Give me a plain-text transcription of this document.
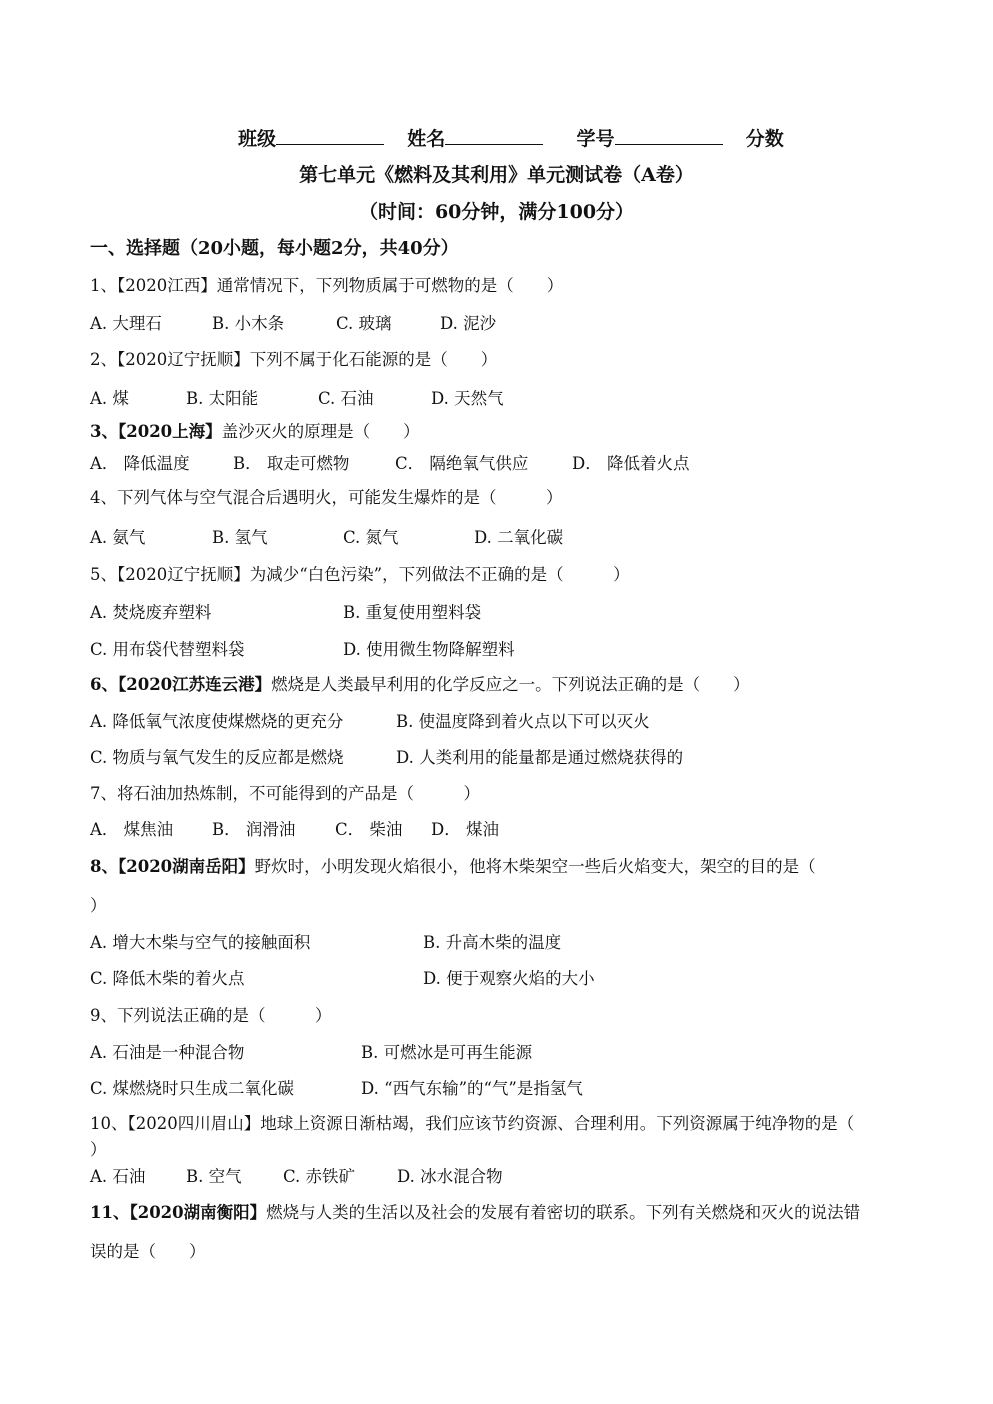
班级	姓名	学号	分数
第七单元《燃料及其利用》单元测试卷（A卷）
（时间：60分钟，满分100分）
一、选择题（20小题，每小题2分，共40分）
1、【2020江西】通常情况下，下列物质属于可燃物的是（　　）
A. 大理石	B. 小木条	C. 玻璃	D. 泥沙
2、【2020辽宁抚顺】下列不属于化石能源的是（　　）
A. 煤	B. 太阳能	C. 石油	D. 天然气
3、【2020上海】盖沙灭火的原理是（　　）
A． 降低温度	B． 取走可燃物	C． 隔绝氧气供应	D． 降低着火点
4、下列气体与空气混合后遇明火，可能发生爆炸的是（　　　）
A. 氨气	B. 氢气	C. 氮气	D. 二氧化碳
5、【2020辽宁抚顺】为减少“白色污染”，下列做法不正确的是（　　　）
A. 焚烧废弃塑料	B. 重复使用塑料袋
C. 用布袋代替塑料袋	D. 使用微生物降解塑料
6、【2020江苏连云港】燃烧是人类最早利用的化学反应之一。下列说法正确的是（　　）
A. 降低氧气浓度使煤燃烧的更充分	B. 使温度降到着火点以下可以灭火
C. 物质与氧气发生的反应都是燃烧	D. 人类利用的能量都是通过燃烧获得的
7、将石油加热炼制，不可能得到的产品是（　　　）
A． 煤焦油 B． 润滑油 C． 柴油 D． 煤油
8、【2020湖南岳阳】野炊时，小明发现火焰很小，他将木柴架空一些后火焰变大，架空的目的是（
）
A. 增大木柴与空气的接触面积	B. 升高木柴的温度
C. 降低木柴的着火点	D. 便于观察火焰的大小
9、下列说法正确的是（　　　）
A. 石油是一种混合物	B. 可燃冰是可再生能源
C. 煤燃烧时只生成二氧化碳	D. “西气东输”的“气”是指氢气
10、【2020四川眉山】地球上资源日渐枯竭，我们应该节约资源、合理利用。下列资源属于纯净物的是（
）
A. 石油 B. 空气	C. 赤铁矿	D. 冰水混合物
11、【2020湖南衡阳】燃烧与人类的生活以及社会的发展有着密切的联系。下列有关燃烧和灭火的说法错
误的是（　　）
